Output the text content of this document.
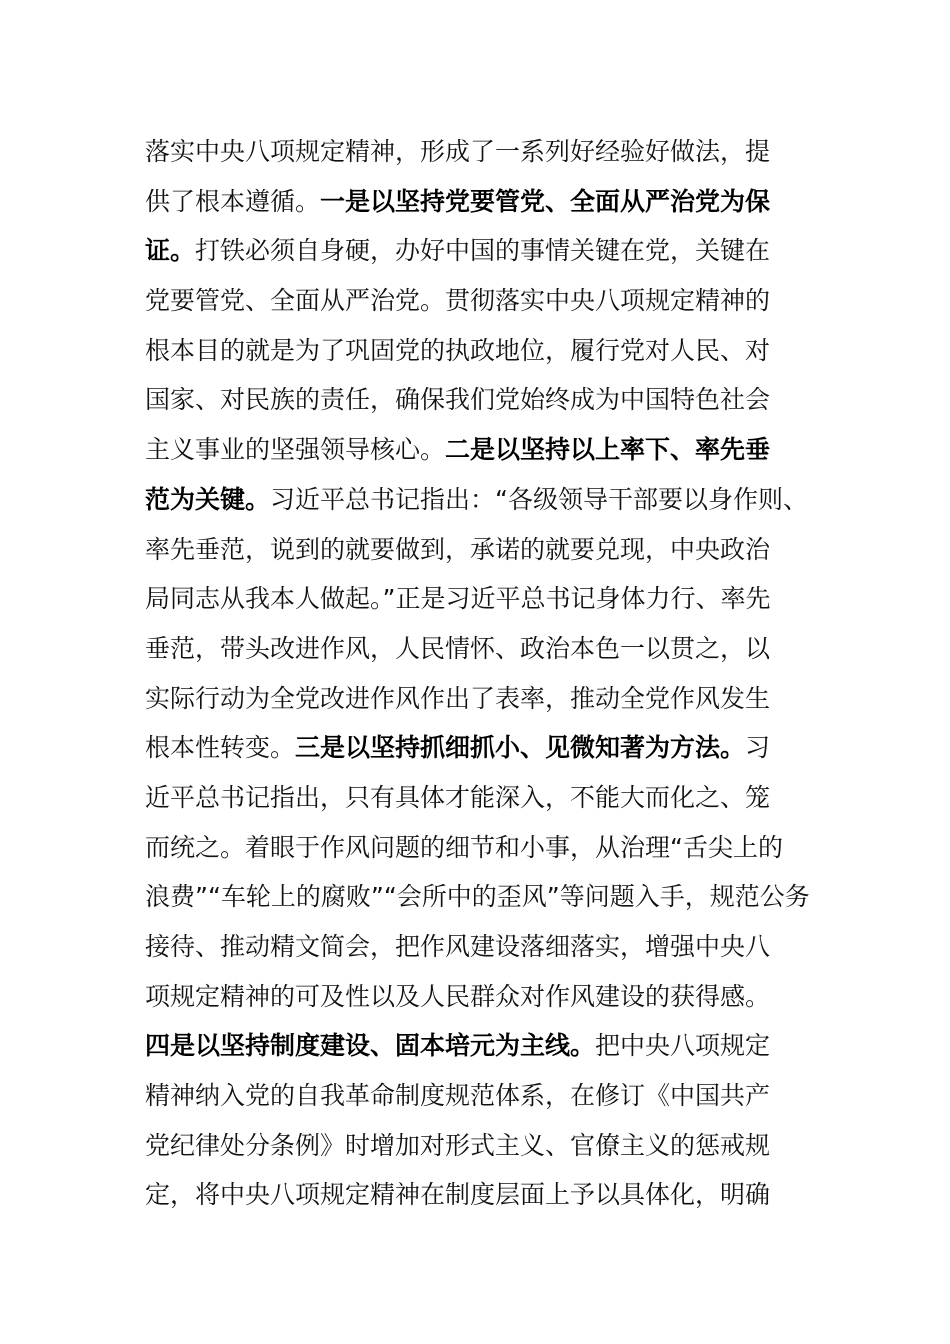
落实中央八项规定精神，形成了一系列好经验好做法，提
供了根本遵循。一是以坚持党要管党、全面从严治党为保
证。打铁必须自身硬，办好中国的事情关键在党，关键在
党要管党、全面从严治党。贯彻落实中央八项规定精神的
根本目的就是为了巩固党的执政地位，履行党对人民、对
国家、对民族的责任，确保我们党始终成为中国特色社会
主义事业的坚强领导核心。二是以坚持以上率下、率先垂
范为关键。习近平总书记指出：“各级领导干部要以身作则、
率先垂范，说到的就要做到，承诺的就要兑现，中央政治
局同志从我本人做起。”正是习近平总书记身体力行、率先
垂范，带头改进作风，人民情怀、政治本色一以贯之，以
实际行动为全党改进作风作出了表率，推动全党作风发生
根本性转变。三是以坚持抓细抓小、见微知著为方法。习
近平总书记指出，只有具体才能深入，不能大而化之、笼
而统之。着眼于作风问题的细节和小事，从治理“舌尖上的
浪费”“车轮上的腐败”“会所中的歪风”等问题入手，规范公务
接待、推动精文简会，把作风建设落细落实，增强中央八
项规定精神的可及性以及人民群众对作风建设的获得感。
四是以坚持制度建设、固本培元为主线。把中央八项规定
精神纳入党的自我革命制度规范体系，在修订《中国共产
党纪律处分条例》时增加对形式主义、官僚主义的惩戒规
定，将中央八项规定精神在制度层面上予以具体化，明确
